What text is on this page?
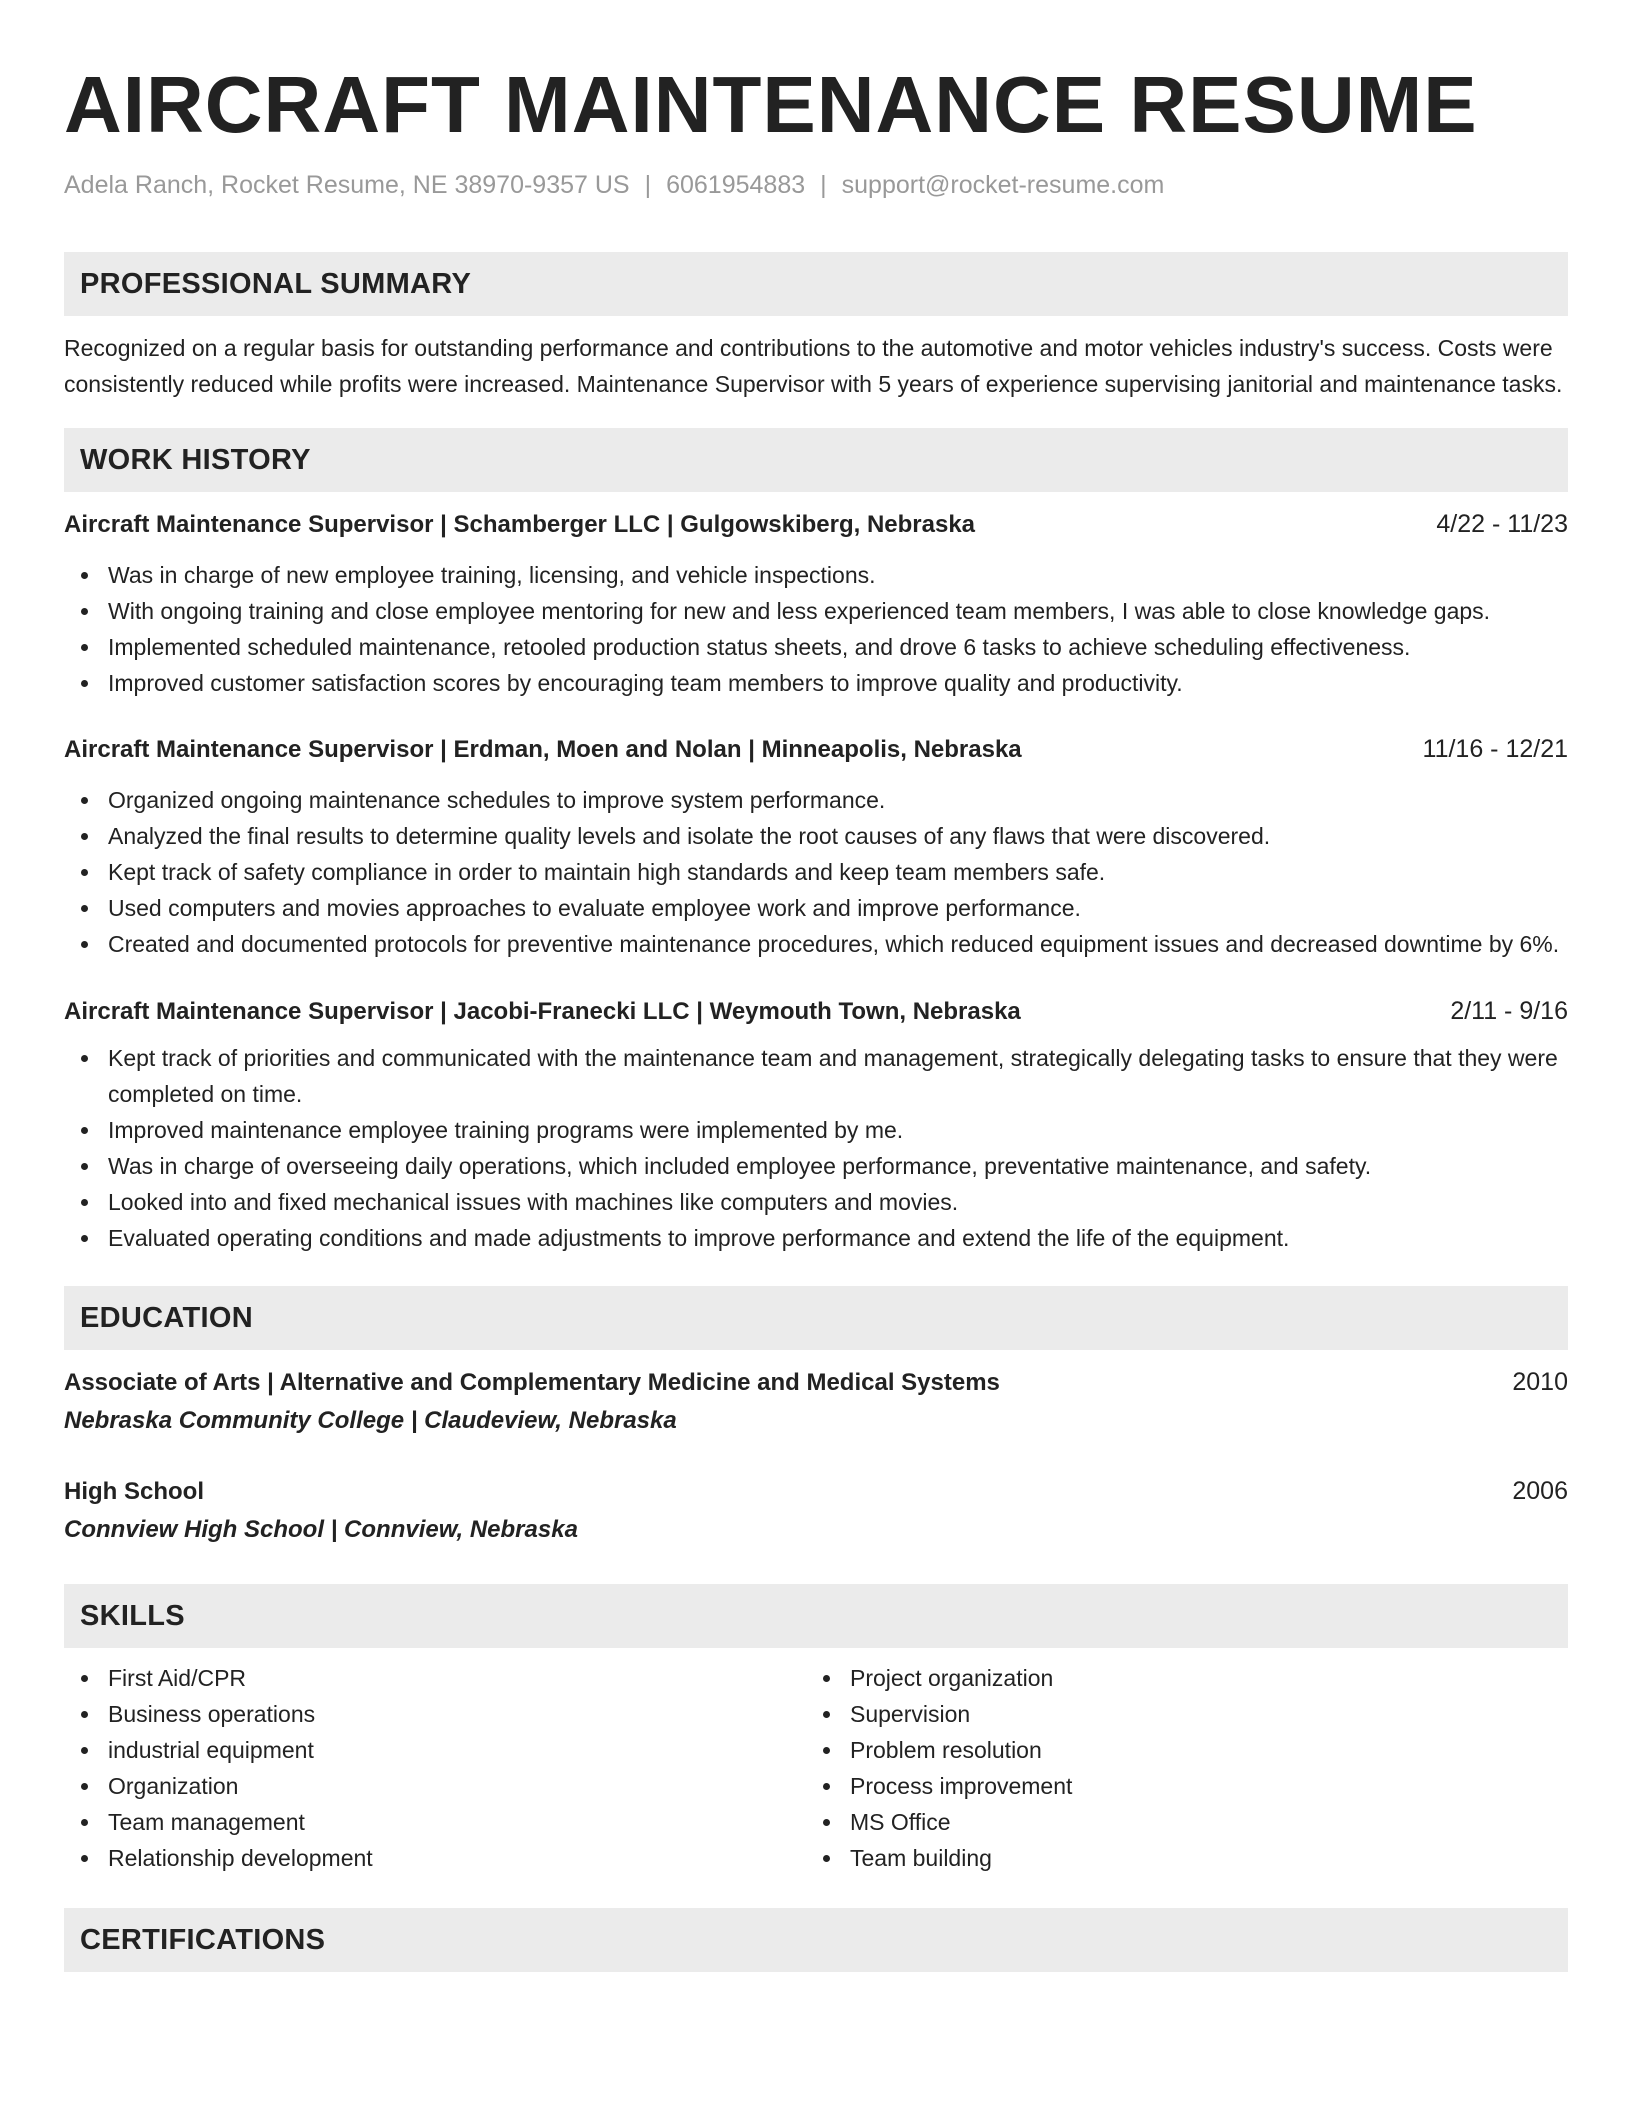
AIRCRAFT MAINTENANCE RESUME
Adela Ranch, Rocket Resume, NE 38970-9357 US | 6061954883 | support@rocket-resume.com
PROFESSIONAL SUMMARY

Recognized on a regular basis for outstanding performance and contributions to the automotive and motor vehicles industry's success. Costs were consistently reduced while profits were increased. Maintenance Supervisor with 5 years of experience supervising janitorial and maintenance tasks.

WORK HISTORY
Aircraft Maintenance Supervisor | Schamberger LLC | Gulgowskiberg, Nebraska	4/22 - 11/23
Was in charge of new employee training, licensing, and vehicle inspections.
With ongoing training and close employee mentoring for new and less experienced team members, I was able to close knowledge gaps.
Implemented scheduled maintenance, retooled production status sheets, and drove 6 tasks to achieve scheduling effectiveness.
Improved customer satisfaction scores by encouraging team members to improve quality and productivity.
Aircraft Maintenance Supervisor | Erdman, Moen and Nolan | Minneapolis, Nebraska	11/16 - 12/21
Organized ongoing maintenance schedules to improve system performance.
Analyzed the final results to determine quality levels and isolate the root causes of any flaws that were discovered.
Kept track of safety compliance in order to maintain high standards and keep team members safe.
Used computers and movies approaches to evaluate employee work and improve performance.
Created and documented protocols for preventive maintenance procedures, which reduced equipment issues and decreased downtime by 6%.
Aircraft Maintenance Supervisor | Jacobi-Franecki LLC | Weymouth Town, Nebraska	2/11 - 9/16
Kept track of priorities and communicated with the maintenance team and management, strategically delegating tasks to ensure that they were completed on time.
Improved maintenance employee training programs were implemented by me.
Was in charge of overseeing daily operations, which included employee performance, preventative maintenance, and safety.
Looked into and fixed mechanical issues with machines like computers and movies.
Evaluated operating conditions and made adjustments to improve performance and extend the life of the equipment.
EDUCATION
Associate of Arts | Alternative and Complementary Medicine and Medical Systems	2010
Nebraska Community College | Claudeview, Nebraska
High School	2006
Connview High School | Connview, Nebraska
SKILLS
First Aid/CPR
Business operations
industrial equipment
Organization
Team management
Relationship development
Project organization
Supervision
Problem resolution
Process improvement
MS Office
Team building
CERTIFICATIONS
